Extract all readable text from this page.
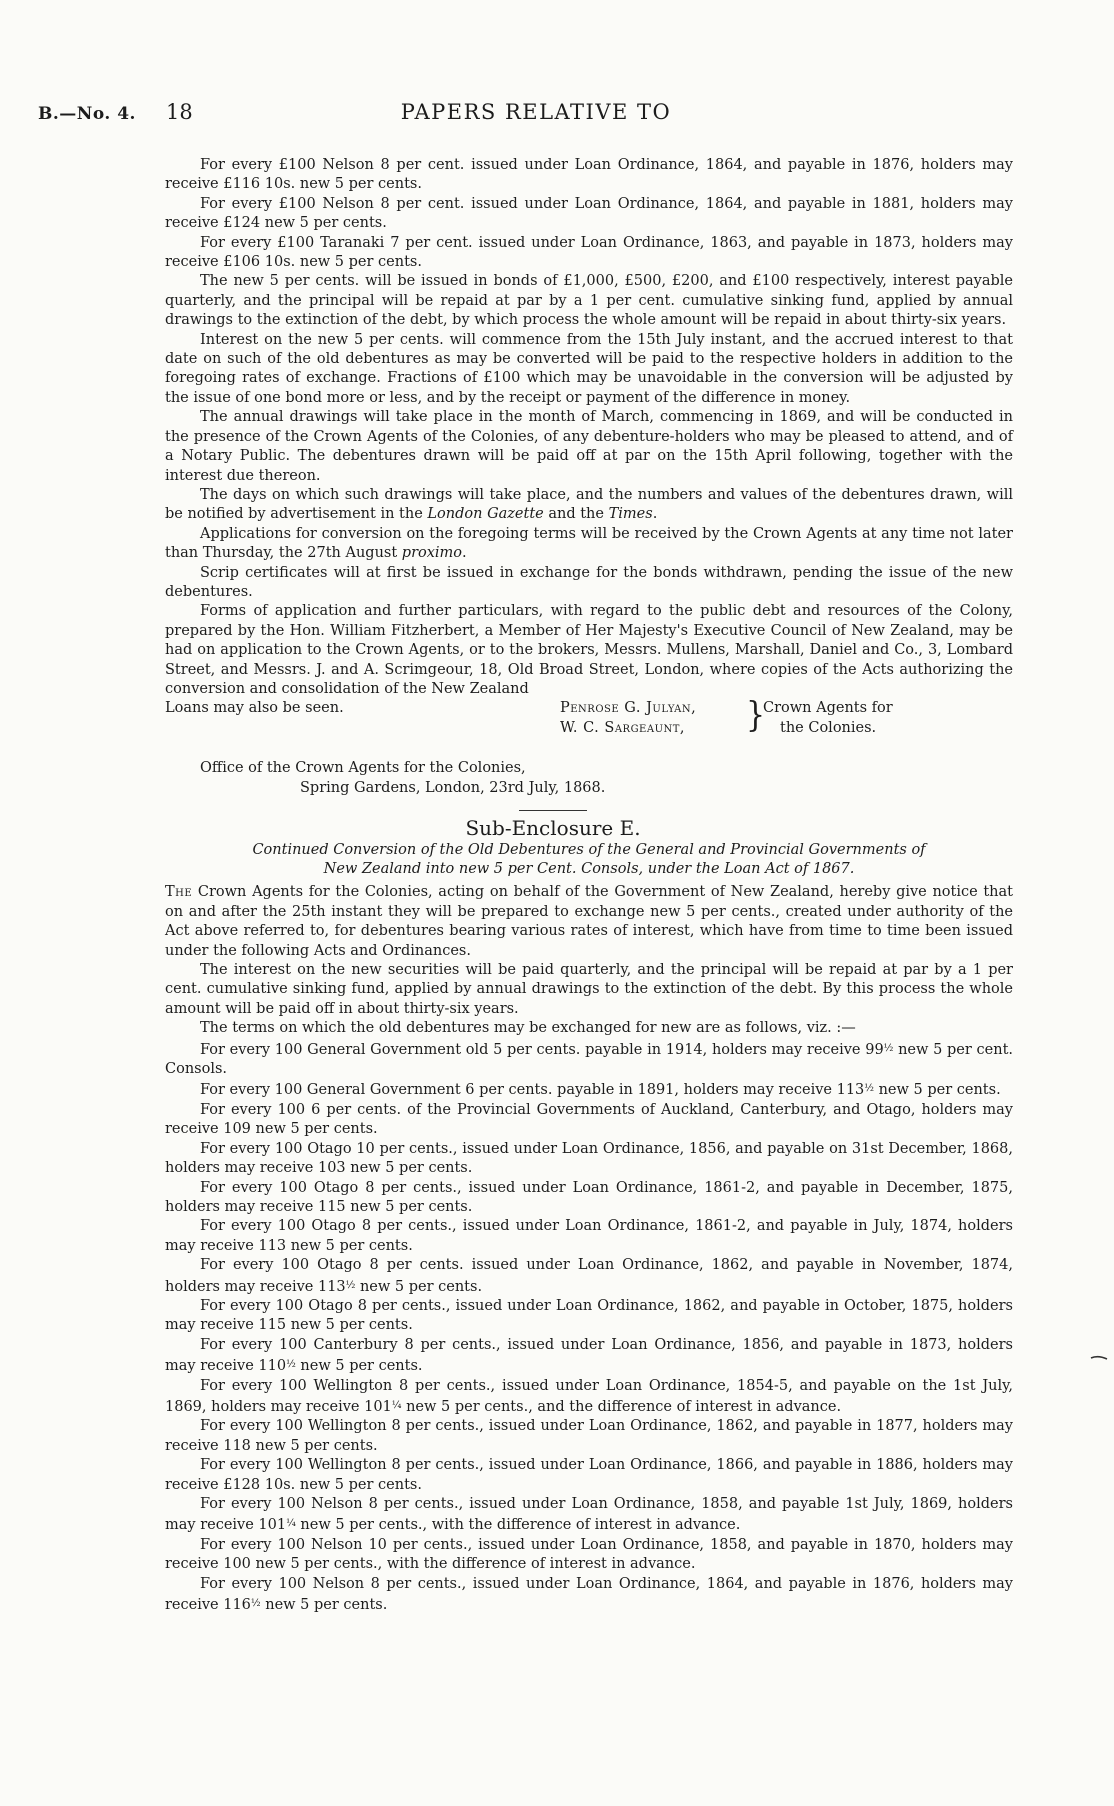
B.—No. 4. 18	PAPERS RELATIVE TO

For every £100 Nelson 8 per cent. issued under Loan Ordinance, 1864, and payable in 1876, holders may receive £116 10s. new 5 per cents.

For every £100 Nelson 8 per cent. issued under Loan Ordinance, 1864, and payable in 1881, holders may receive £124 new 5 per cents.

For every £100 Taranaki 7 per cent. issued under Loan Ordinance, 1863, and payable in 1873, holders may receive £106 10s. new 5 per cents.

The new 5 per cents. will be issued in bonds of £1,000, £500, £200, and £100 respectively, interest payable quarterly, and the principal will be repaid at par by a 1 per cent. cumulative sinking fund, applied by annual drawings to the extinction of the debt, by which process the whole amount will be repaid in about thirty-six years.

Interest on the new 5 per cents. will commence from the 15th July instant, and the accrued interest to that date on such of the old debentures as may be converted will be paid to the respective holders in addition to the foregoing rates of exchange. Fractions of £100 which may be unavoidable in the conversion will be adjusted by the issue of one bond more or less, and by the receipt or payment of the difference in money.

The annual drawings will take place in the month of March, commencing in 1869, and will be conducted in the presence of the Crown Agents of the Colonies, of any debenture-holders who may be pleased to attend, and of a Notary Public. The debentures drawn will be paid off at par on the 15th April following, together with the interest due thereon.

The days on which such drawings will take place, and the numbers and values of the debentures drawn, will be notified by advertisement in the London Gazette and the Times.

Applications for conversion on the foregoing terms will be received by the Crown Agents at any time not later than Thursday, the 27th August proximo.

Scrip certificates will at first be issued in exchange for the bonds withdrawn, pending the issue of the new debentures.

Forms of application and further particulars, with regard to the public debt and resources of the Colony, prepared by the Hon. William Fitzherbert, a Member of Her Majesty's Executive Council of New Zealand, may be had on application to the Crown Agents, or to the brokers, Messrs. Mullens, Marshall, Daniel and Co., 3, Lombard Street, and Messrs. J. and A. Scrimgeour, 18, Old Broad Street, London, where copies of the Acts authorizing the conversion and consolidation of the New Zealand

Loans may also be seen.	Penrose G. Julyan,
W. C. Sargeaunt,	}
Crown Agents for
the Colonies.
Office of the Crown Agents for the Colonies,
Spring Gardens, London, 23rd July, 1868.
Sub-Enclosure E.
Continued Conversion of the Old Debentures of the General and Provincial Governments of
New Zealand into new 5 per Cent. Consols, under the Loan Act of 1867.

The Crown Agents for the Colonies, acting on behalf of the Government of New Zealand, hereby give notice that on and after the 25th instant they will be prepared to exchange new 5 per cents., created under authority of the Act above referred to, for debentures bearing various rates of interest, which have from time to time been issued under the following Acts and Ordinances.

The interest on the new securities will be paid quarterly, and the principal will be repaid at par by a 1 per cent. cumulative sinking fund, applied by annual drawings to the extinction of the debt. By this process the whole amount will be paid off in about thirty-six years.

The terms on which the old debentures may be exchanged for new are as follows, viz. :—

For every 100 General Government old 5 per cents. payable in 1914, holders may receive $99^{\frac{1}{2}}$ new 5 per cent. Consols.

For every 100 General Government 6 per cents. payable in 1891, holders may receive $113^{\frac{1}{2}}$ new 5 per cents.

For every 100 6 per cents. of the Provincial Governments of Auckland, Canterbury, and Otago, holders may receive 109 new 5 per cents.

For every 100 Otago 10 per cents., issued under Loan Ordinance, 1856, and payable on 31st December, 1868, holders may receive 103 new 5 per cents.

For every 100 Otago 8 per cents., issued under Loan Ordinance, 1861-2, and payable in December, 1875, holders may receive 115 new 5 per cents.

For every 100 Otago 8 per cents., issued under Loan Ordinance, 1861-2, and payable in July, 1874, holders may receive 113 new 5 per cents.

For every 100 Otago 8 per cents. issued under Loan Ordinance, 1862, and payable in November, 1874, holders may receive $113^{\frac{1}{2}}$ new 5 per cents.

For every 100 Otago 8 per cents., issued under Loan Ordinance, 1862, and payable in October, 1875, holders may receive 115 new 5 per cents.

For every 100 Canterbury 8 per cents., issued under Loan Ordinance, 1856, and payable in 1873, holders may receive $110^{\frac{1}{2}}$ new 5 per cents.

For every 100 Wellington 8 per cents., issued under Loan Ordinance, 1854-5, and payable on the 1st July, 1869, holders may receive $101^{\frac{1}{4}}$ new 5 per cents., and the difference of interest in advance.

For every 100 Wellington 8 per cents., issued under Loan Ordinance, 1862, and payable in 1877, holders may receive 118 new 5 per cents.

For every 100 Wellington 8 per cents., issued under Loan Ordinance, 1866, and payable in 1886, holders may receive £128 10s. new 5 per cents.

For every 100 Nelson 8 per cents., issued under Loan Ordinance, 1858, and payable 1st July, 1869, holders may receive $101^{\frac{1}{4}}$ new 5 per cents., with the difference of interest in advance.

For every 100 Nelson 10 per cents., issued under Loan Ordinance, 1858, and payable in 1870, holders may receive 100 new 5 per cents., with the difference of interest in advance.

For every 100 Nelson 8 per cents., issued under Loan Ordinance, 1864, and payable in 1876, holders may receive $116^{\frac{1}{2}}$ new 5 per cents.
